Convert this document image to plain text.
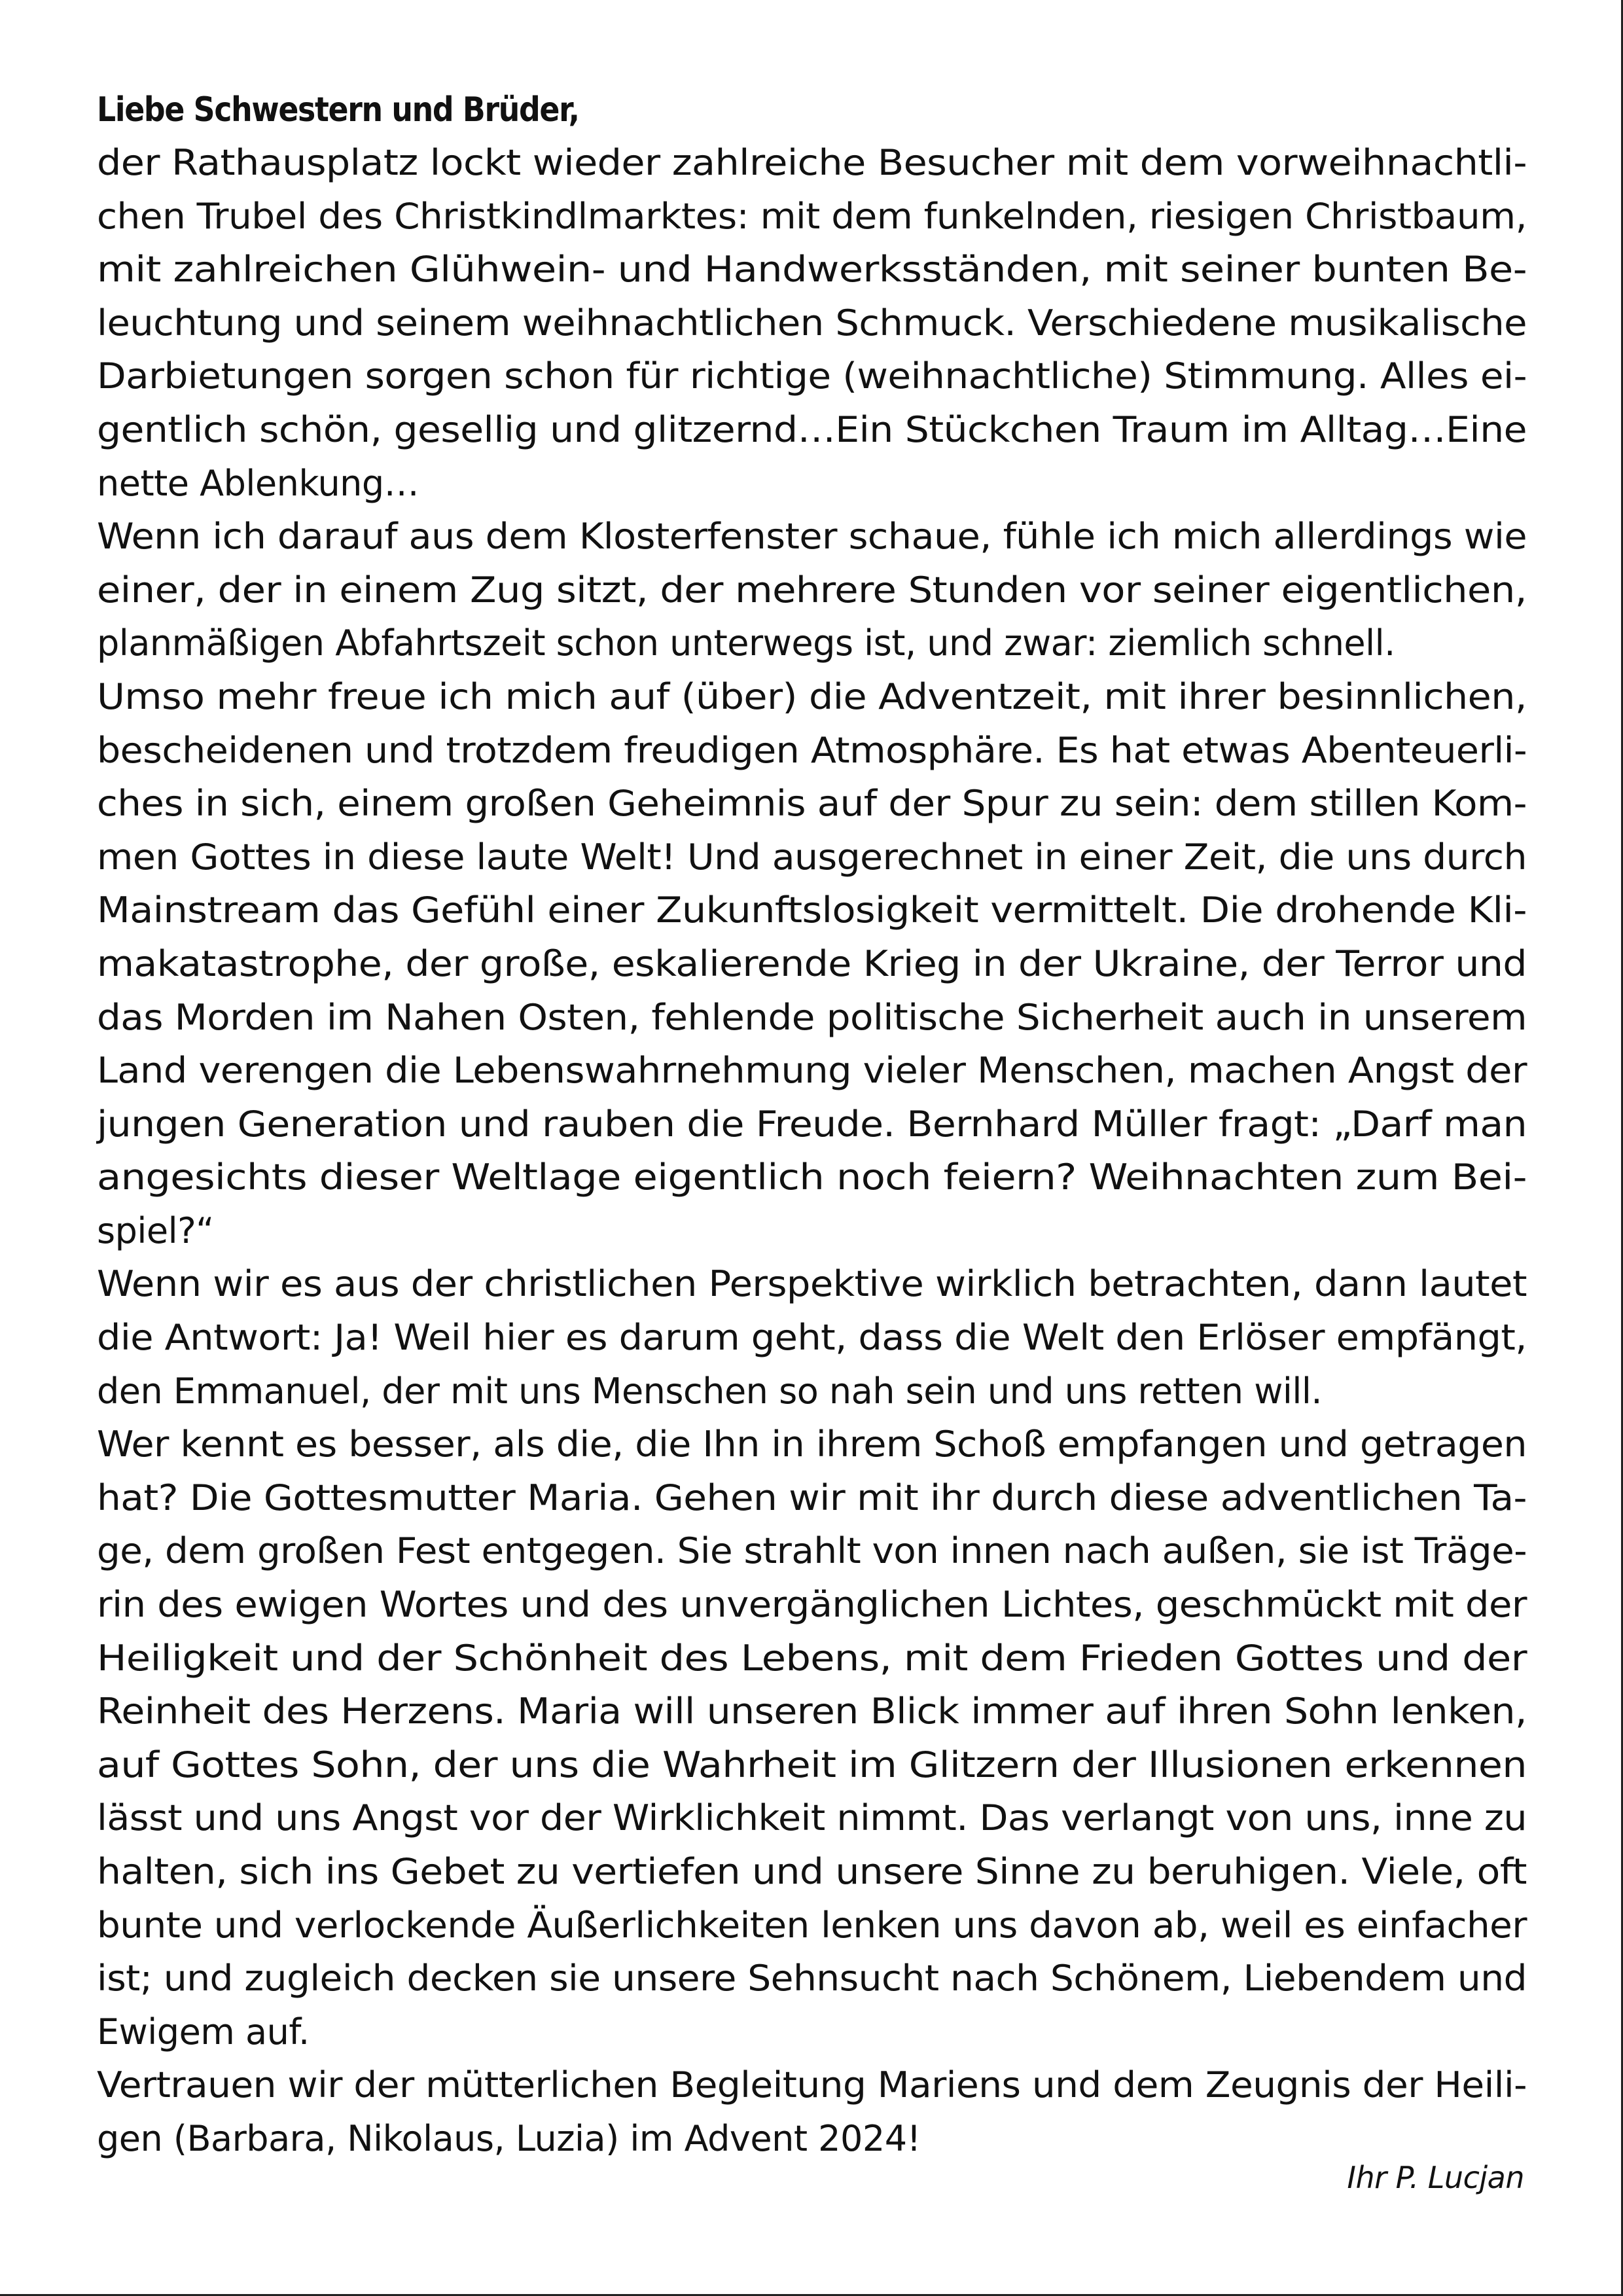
Liebe Schwestern und Brüder,
der Rathausplatz lockt wieder zahlreiche Besucher mit dem vorweihnachtli-
chen Trubel des Christkindlmarktes: mit dem funkelnden, riesigen Christbaum,
mit zahlreichen Glühwein- und Handwerksständen, mit seiner bunten Be-
leuchtung und seinem weihnachtlichen Schmuck. Verschiedene musikalische
Darbietungen sorgen schon für richtige (weihnachtliche) Stimmung. Alles ei-
gentlich schön, gesellig und glitzernd…Ein Stückchen Traum im Alltag…Eine
nette Ablenkung…
Wenn ich darauf aus dem Klosterfenster schaue, fühle ich mich allerdings wie
einer, der in einem Zug sitzt, der mehrere Stunden vor seiner eigentlichen,
planmäßigen Abfahrtszeit schon unterwegs ist, und zwar: ziemlich schnell.
Umso mehr freue ich mich auf (über) die Adventzeit, mit ihrer besinnlichen,
bescheidenen und trotzdem freudigen Atmosphäre. Es hat etwas Abenteuerli-
ches in sich, einem großen Geheimnis auf der Spur zu sein: dem stillen Kom-
men Gottes in diese laute Welt! Und ausgerechnet in einer Zeit, die uns durch
Mainstream das Gefühl einer Zukunftslosigkeit vermittelt. Die drohende Kli-
makatastrophe, der große, eskalierende Krieg in der Ukraine, der Terror und
das Morden im Nahen Osten, fehlende politische Sicherheit auch in unserem
Land verengen die Lebenswahrnehmung vieler Menschen, machen Angst der
jungen Generation und rauben die Freude. Bernhard Müller fragt: „Darf man
angesichts dieser Weltlage eigentlich noch feiern? Weihnachten zum Bei-
spiel?“
Wenn wir es aus der christlichen Perspektive wirklich betrachten, dann lautet
die Antwort: Ja! Weil hier es darum geht, dass die Welt den Erlöser empfängt,
den Emmanuel, der mit uns Menschen so nah sein und uns retten will.
Wer kennt es besser, als die, die Ihn in ihrem Schoß empfangen und getragen
hat? Die Gottesmutter Maria. Gehen wir mit ihr durch diese adventlichen Ta-
ge, dem großen Fest entgegen. Sie strahlt von innen nach außen, sie ist Träge-
rin des ewigen Wortes und des unvergänglichen Lichtes, geschmückt mit der
Heiligkeit und der Schönheit des Lebens, mit dem Frieden Gottes und der
Reinheit des Herzens. Maria will unseren Blick immer auf ihren Sohn lenken,
auf Gottes Sohn, der uns die Wahrheit im Glitzern der Illusionen erkennen
lässt und uns Angst vor der Wirklichkeit nimmt. Das verlangt von uns, inne zu
halten, sich ins Gebet zu vertiefen und unsere Sinne zu beruhigen. Viele, oft
bunte und verlockende Äußerlichkeiten lenken uns davon ab, weil es einfacher
ist; und zugleich decken sie unsere Sehnsucht nach Schönem, Liebendem und
Ewigem auf.
Vertrauen wir der mütterlichen Begleitung Mariens und dem Zeugnis der Heili-
gen (Barbara, Nikolaus, Luzia) im Advent 2024!
Ihr P. Lucjan
